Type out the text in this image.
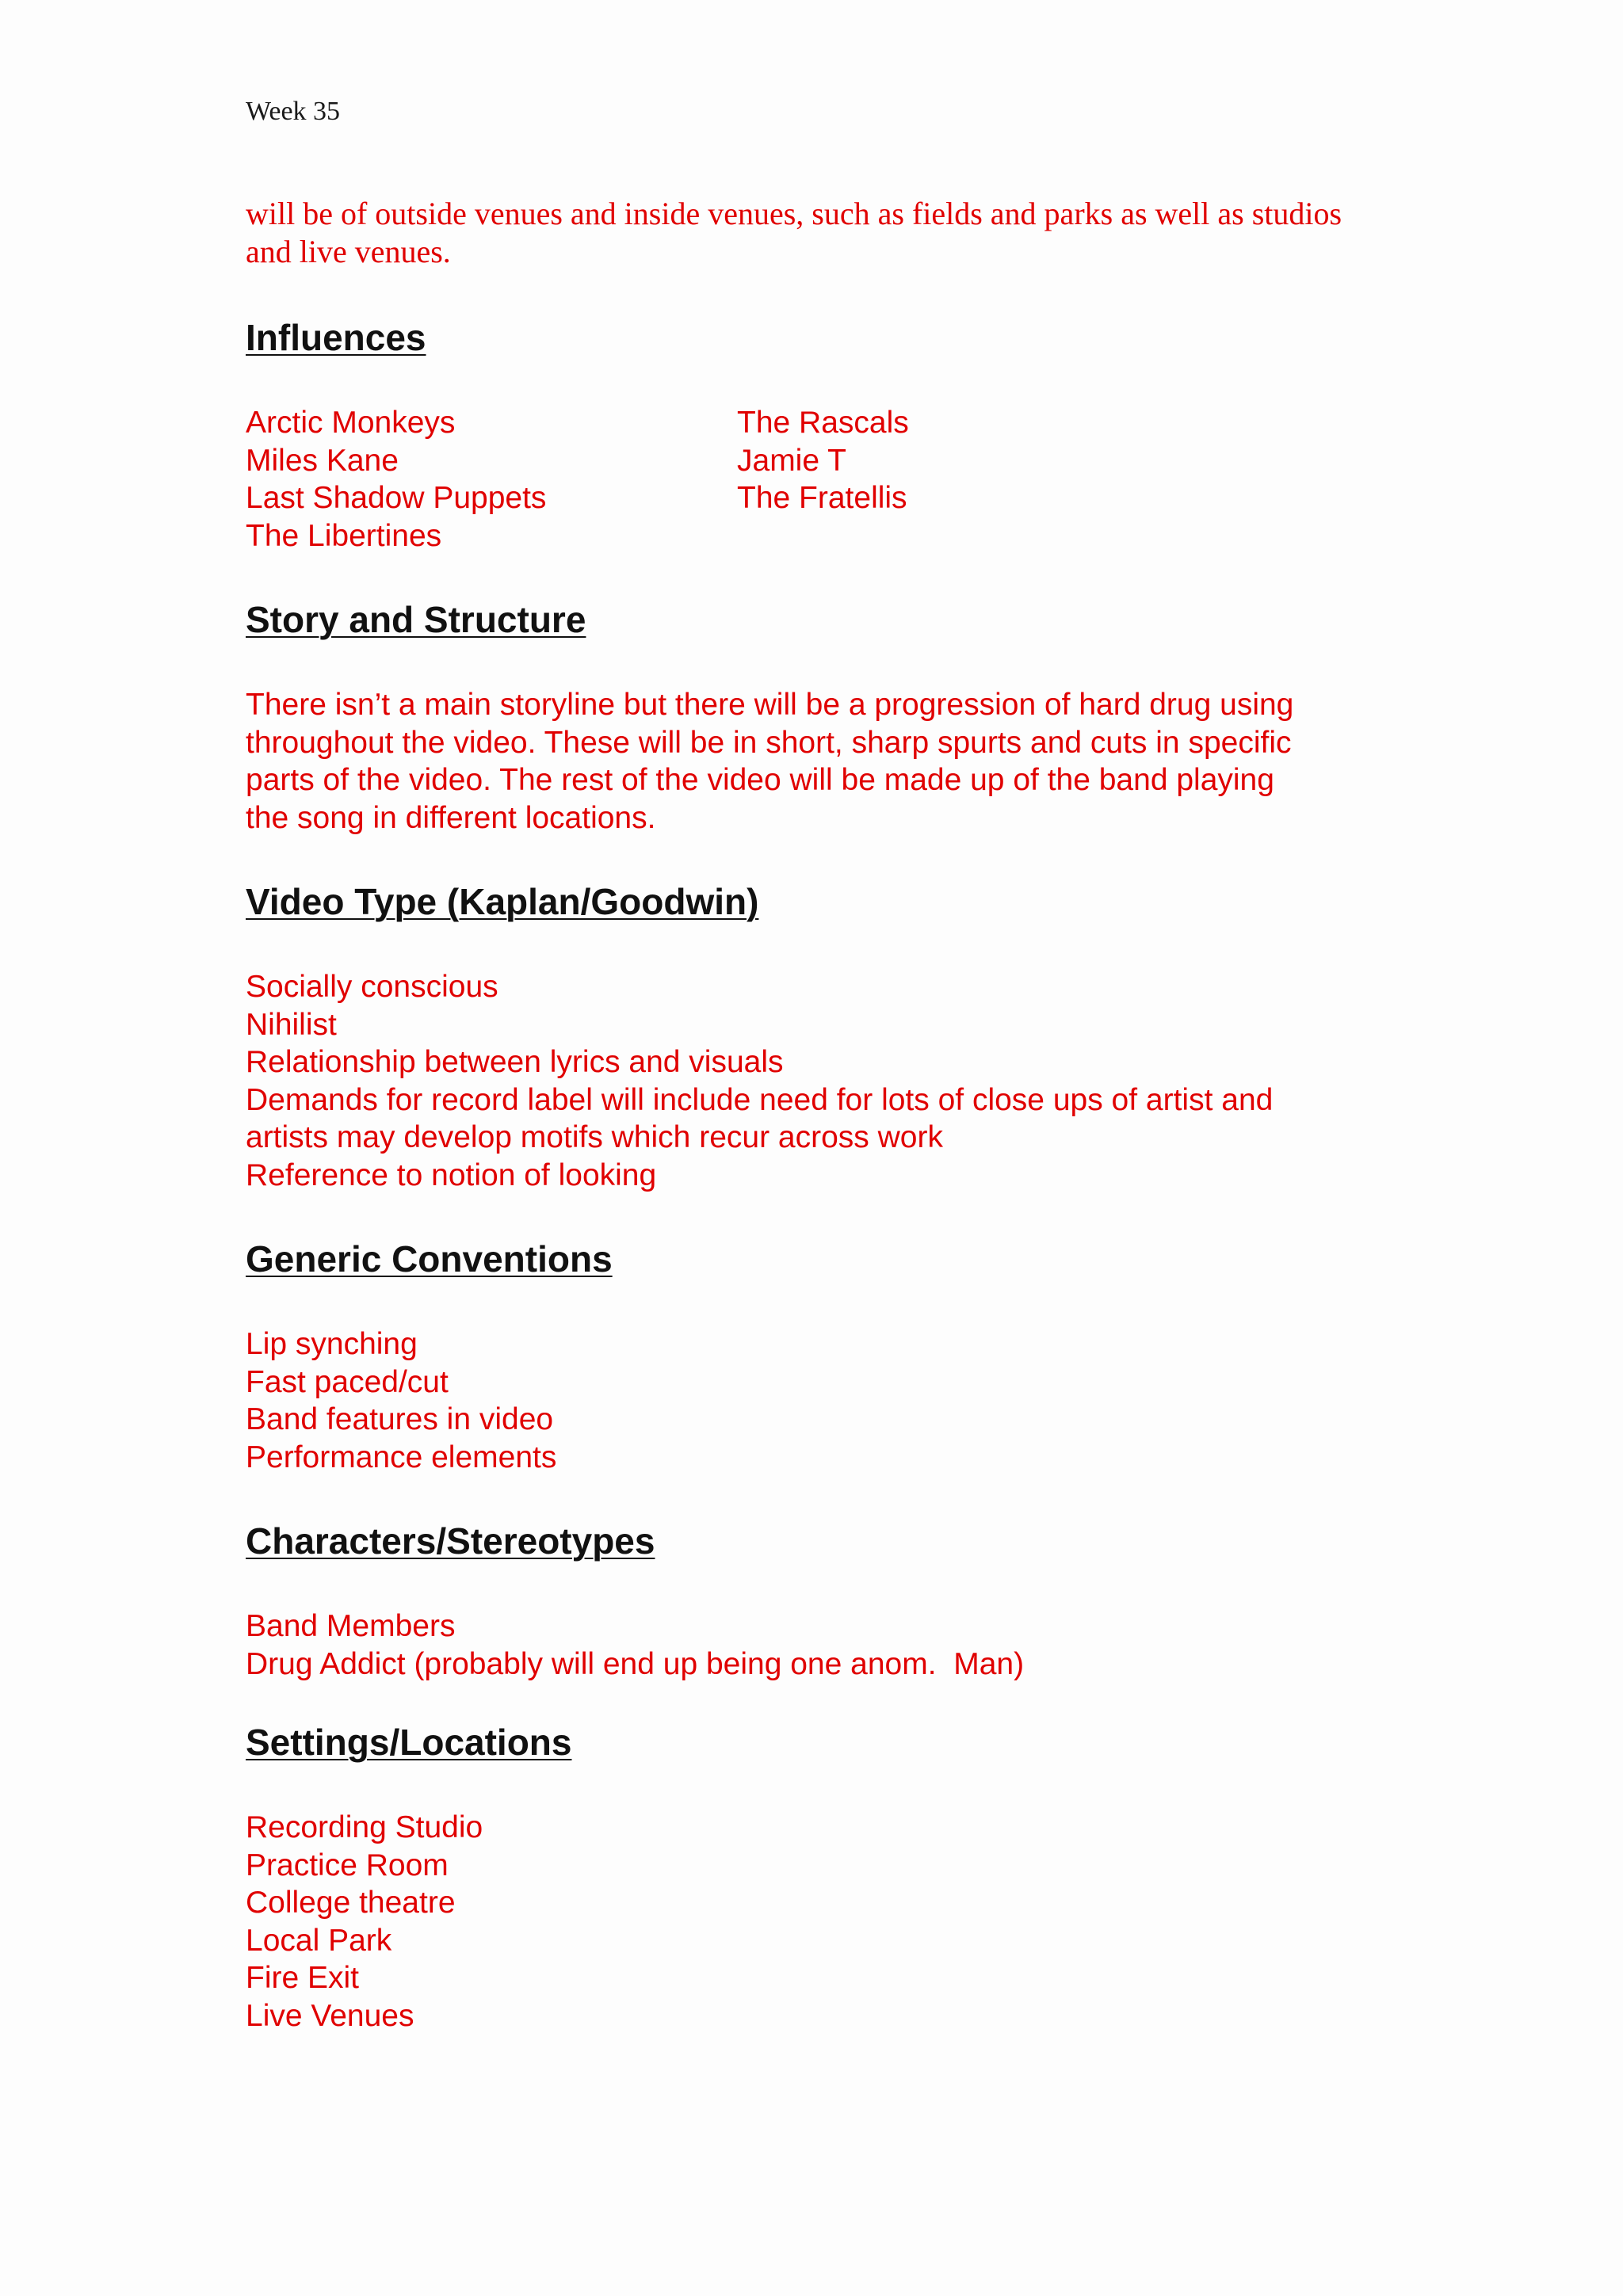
Week 35

will be of outside venues and inside venues, such as fields and parks as well as studios and live venues.

Influences
Arctic Monkeys
Miles Kane
Last Shadow Puppets
The Libertines
The Rascals
Jamie T
The Fratellis
Story and Structure
There isn’t a main storyline but there will be a progression of hard drug using
throughout the video. These will be in short, sharp spurts and cuts in specific
parts of the video. The rest of the video will be made up of the band playing
the song in different locations.
Video Type (Kaplan/Goodwin)
Socially conscious
Nihilist
Relationship between lyrics and visuals
Demands for record label will include need for lots of close ups of artist and
artists may develop motifs which recur across work
Reference to notion of looking
Generic Conventions
Lip synching
Fast paced/cut
Band features in video
Performance elements
Characters/Stereotypes
Band Members
Drug Addict (probably will end up being one anom.  Man)
Settings/Locations
Recording Studio
Practice Room
College theatre
Local Park
Fire Exit
Live Venues
